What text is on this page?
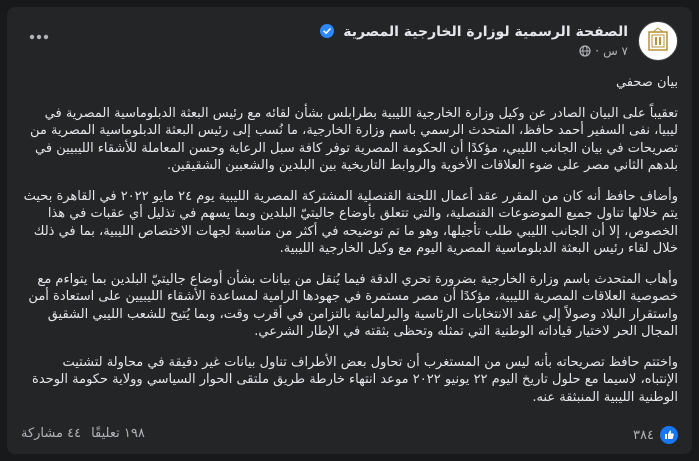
الصفحة الرسمية لوزارة الخارجية المصرية
٧ س
·

بيان صحفي

تعقيباً على البيان الصادر عن وكيل وزارة الخارجية الليبية بطرابلس بشأن لقائه مع رئيس البعثة الدبلوماسية المصرية في ليبيا، نفى السفير أحمد حافظ، المتحدث الرسمي باسم وزارة الخارجية، ما نُسب إلى رئيس البعثة الدبلوماسية المصرية من تصريحات في بيان الجانب الليبي، مؤكدًا أن الحكومة المصرية توفر كافة سبل الرعاية وحسن المعاملة للأشقاء الليبيين في بلدهم الثاني مصر على ضوء العلاقات الأخوية والروابط التاريخية بين البلدين والشعبين الشقيقين.

وأضاف حافظ أنه كان من المقرر عقد أعمال اللجنة القنصلية المشتركة المصرية الليبية يوم ٢٤ مايو ٢٠٢٢ في القاهرة بحيث يتم خلالها تناول جميع الموضوعات القنصلية، والتي تتعلق بأوضاع جاليتيّ البلدين وبما يسهم في تذليل أي عقبات في هذا الخصوص، إلا أن الجانب الليبي طلب تأجيلها، وهو ما تم توضيحه في أكثر من مناسبة لجهات الاختصاص الليبية، بما في ذلك خلال لقاء رئيس البعثة الدبلوماسية المصرية اليوم مع وكيل الخارجية الليبية.

وأهاب المتحدث باسم وزارة الخارجية بضرورة تحري الدقة فيما يُنقل من بيانات بشأن أوضاع جاليتيّ البلدين بما يتواءم مع خصوصية العلاقات المصرية الليبية، مؤكدًا أن مصر مستمرة في جهودها الرامية لمساعدة الأشقاء الليبيين على استعادة أمن واستقرار البلاد وصولاً إلي عقد الانتخابات الرئاسية والبرلمانية بالتزامن في أقرب وقت، وبما يُتيح للشعب الليبي الشقيق المجال الحر لاختيار قياداته الوطنية التي تمثله وتحظى بثقته في الإطار الشرعي.

واختتم حافظ تصريحاته بأنه ليس من المستغرب أن تحاول بعض الأطراف تناول بيانات غير دقيقة في محاولة لتشتيت الإنتباه، لاسيما مع حلول تاريخ اليوم ٢٢ يونيو ٢٠٢٢ موعد انتهاء خارطة طريق ملتقى الحوار السياسي وولاية حكومة الوحدة الوطنية الليبية المنبثقة عنه.

٣٨٤
١٩٨ تعليقًا
٤٤ مشاركة
